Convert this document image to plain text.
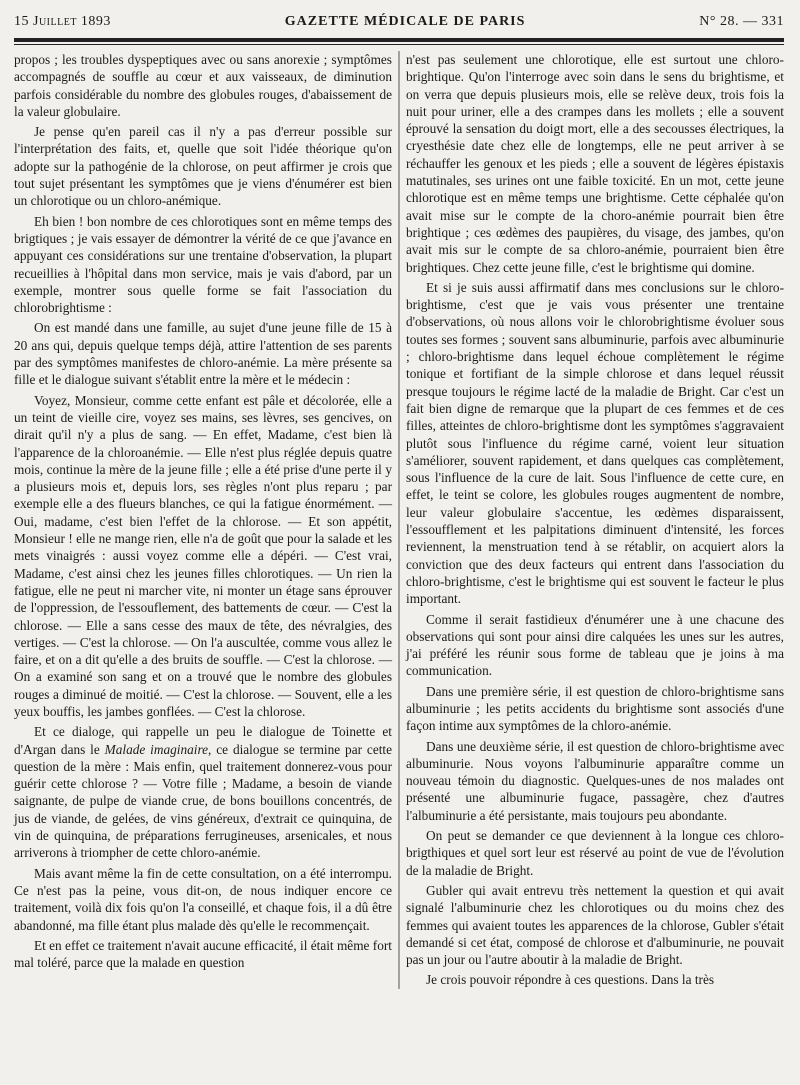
15 Juillet 1893	GAZETTE MÉDICALE DE PARIS	N° 28. — 331

propos ; les troubles dyspeptiques avec ou sans anorexie ; symptômes accompagnés de souffle au cœur et aux vaisseaux, de diminution parfois considérable du nombre des globules rouges, d'abaissement de la valeur globulaire.

Je pense qu'en pareil cas il n'y a pas d'erreur possible sur l'interprétation des faits, et, quelle que soit l'idée théorique qu'on adopte sur la pathogénie de la chlorose, on peut affirmer je crois que tout sujet présentant les symptômes que je viens d'énumérer est bien un chlorotique ou un chloro-anémique.

Eh bien ! bon nombre de ces chlorotiques sont en même temps des brigtiques ; je vais essayer de démontrer la vérité de ce que j'avance en appuyant ces considérations sur une trentaine d'observation, la plupart recueillies à l'hôpital dans mon service, mais je vais d'abord, par un exemple, montrer sous quelle forme se fait l'association du chlorobrightisme :

On est mandé dans une famille, au sujet d'une jeune fille de 15 à 20 ans qui, depuis quelque temps déjà, attire l'attention de ses parents par des symptômes manifestes de chloro-anémie. La mère présente sa fille et le dialogue suivant s'établit entre la mère et le médecin :

Voyez, Monsieur, comme cette enfant est pâle et décolorée, elle a un teint de vieille cire, voyez ses mains, ses lèvres, ses gencives, on dirait qu'il n'y a plus de sang. — En effet, Madame, c'est bien là l'apparence de la chloroanémie. — Elle n'est plus réglée depuis quatre mois, continue la mère de la jeune fille ; elle a été prise d'une perte il y a plusieurs mois et, depuis lors, ses règles n'ont plus reparu ; par exemple elle a des flueurs blanches, ce qui la fatigue énormément. — Oui, madame, c'est bien l'effet de la chlorose. — Et son appétit, Monsieur ! elle ne mange rien, elle n'a de goût que pour la salade et les mets vinaigrés : aussi voyez comme elle a dépéri. — C'est vrai, Madame, c'est ainsi chez les jeunes filles chlorotiques. — Un rien la fatigue, elle ne peut ni marcher vite, ni monter un étage sans éprouver de l'oppression, de l'essouflement, des battements de cœur. — C'est la chlorose. — Elle a sans cesse des maux de tête, des névralgies, des vertiges. — C'est la chlorose. — On l'a auscultée, comme vous allez le faire, et on a dit qu'elle a des bruits de souffle. — C'est la chlorose. — On a examiné son sang et on a trouvé que le nombre des globules rouges a diminué de moitié. — C'est la chlorose. — Souvent, elle a les yeux bouffis, les jambes gonflées. — C'est la chlorose.

Et ce dialoge, qui rappelle un peu le dialogue de Toinette et d'Argan dans le Malade imaginaire, ce dialogue se termine par cette question de la mère : Mais enfin, quel traitement donnerez-vous pour guérir cette chlorose ? — Votre fille ; Madame, a besoin de viande saignante, de pulpe de viande crue, de bons bouillons concentrés, de jus de viande, de gelées, de vins généreux, d'extrait ce quinquina, de vin de quinquina, de préparations ferrugineuses, arsenicales, et nous arriverons à triompher de cette chloro-anémie.

Mais avant même la fin de cette consultation, on a été interrompu. Ce n'est pas la peine, vous dit-on, de nous indiquer encore ce traitement, voilà dix fois qu'on l'a conseillé, et chaque fois, il a dû être abandonné, ma fille étant plus malade dès qu'elle le recommençait.

Et en effet ce traitement n'avait aucune efficacité, il était même fort mal toléré, parce que la malade en question

n'est pas seulement une chlorotique, elle est surtout une chloro-brightique. Qu'on l'interroge avec soin dans le sens du brightisme, et on verra que depuis plusieurs mois, elle se relève deux, trois fois la nuit pour uriner, elle a des crampes dans les mollets ; elle a souvent éprouvé la sensation du doigt mort, elle a des secousses électriques, la cryesthésie date chez elle de longtemps, elle ne peut arriver à se réchauffer les genoux et les pieds ; elle a souvent de légères épistaxis matutinales, ses urines ont une faible toxicité. En un mot, cette jeune chlorotique est en même temps une brightisme. Cette céphalée qu'on avait mise sur le compte de la choro-anémie pourrait bien être brightique ; ces œdèmes des paupières, du visage, des jambes, qu'on avait mis sur le compte de sa chloro-anémie, pourraient bien être brightiques. Chez cette jeune fille, c'est le brightisme qui domine.

Et si je suis aussi affirmatif dans mes conclusions sur le chloro-brightisme, c'est que je vais vous présenter une trentaine d'observations, où nous allons voir le chlorobrightisme évoluer sous toutes ses formes ; souvent sans albuminurie, parfois avec albuminurie ; chloro-brightisme dans lequel échoue complètement le régime tonique et fortifiant de la simple chlorose et dans lequel réussit presque toujours le régime lacté de la maladie de Bright. Car c'est un fait bien digne de remarque que la plupart de ces femmes et de ces filles, atteintes de chloro-brightisme dont les symptômes s'aggravaient plutôt sous l'influence du régime carné, voient leur situation s'améliorer, souvent rapidement, et dans quelques cas complètement, sous l'influence de la cure de lait. Sous l'influence de cette cure, en effet, le teint se colore, les globules rouges augmentent de nombre, leur valeur globulaire s'accentue, les œdèmes disparaissent, l'essoufflement et les palpitations diminuent d'intensité, les forces reviennent, la menstruation tend à se rétablir, on acquiert alors la conviction que des deux facteurs qui entrent dans l'association du chloro-brightisme, c'est le brightisme qui est souvent le facteur le plus important.

Comme il serait fastidieux d'énumérer une à une chacune des observations qui sont pour ainsi dire calquées les unes sur les autres, j'ai préféré les réunir sous forme de tableau que je joins à ma communication.

Dans une première série, il est question de chloro-brightisme sans albuminurie ; les petits accidents du brightisme sont associés d'une façon intime aux symptômes de la chloro-anémie.

Dans une deuxième série, il est question de chloro-brightisme avec albuminurie. Nous voyons l'albuminurie apparaître comme un nouveau témoin du diagnostic. Quelques-unes de nos malades ont présenté une albuminurie fugace, passagère, chez d'autres l'albuminurie a été persistante, mais toujours peu abondante.

On peut se demander ce que deviennent à la longue ces chloro-brigthiques et quel sort leur est réservé au point de vue de l'évolution de la maladie de Bright.

Gubler qui avait entrevu très nettement la question et qui avait signalé l'albuminurie chez les chlorotiques ou du moins chez des femmes qui avaient toutes les apparences de la chlorose, Gubler s'était demandé si cet état, composé de chlorose et d'albuminurie, ne pouvait pas un jour ou l'autre aboutir à la maladie de Bright.

Je crois pouvoir répondre à ces questions. Dans la très
